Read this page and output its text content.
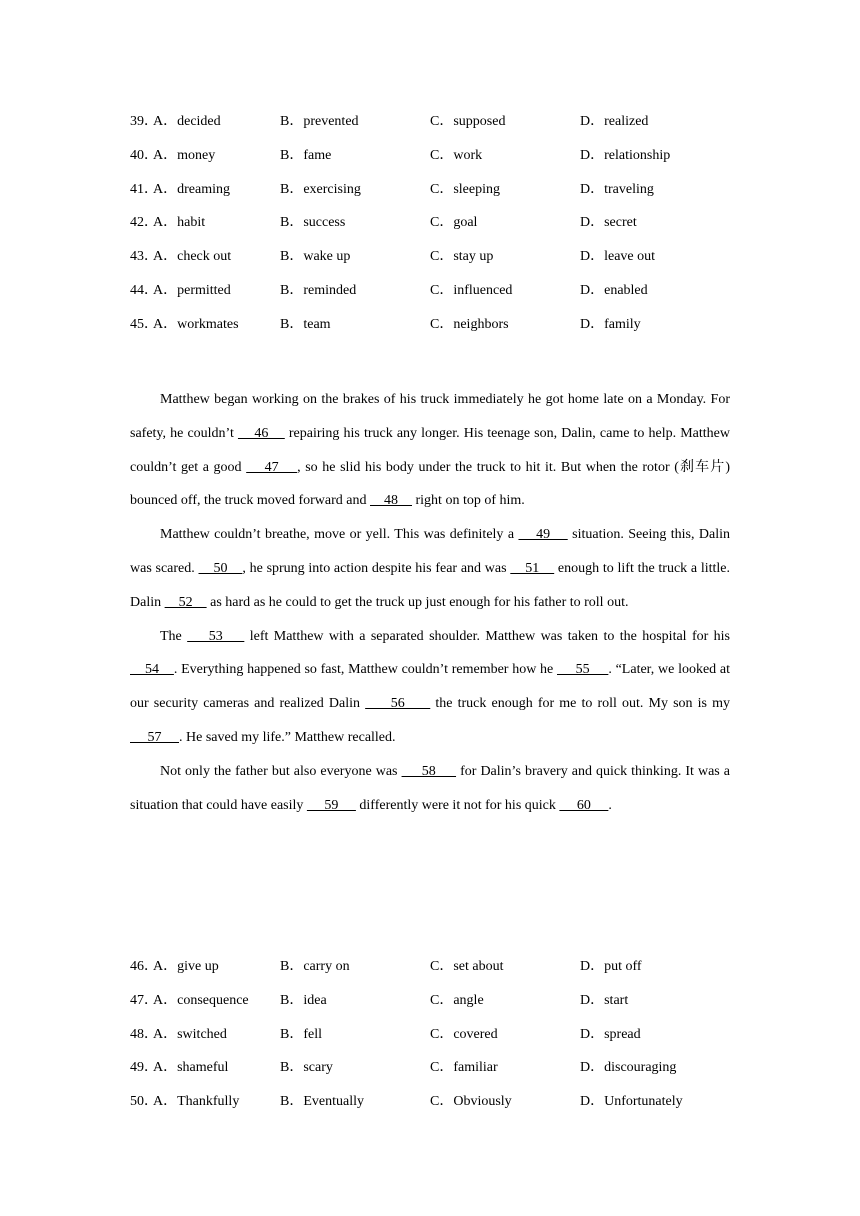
39．
A．decided	B．prevented	C．supposed	D．realized
40．
A．money	B．fame	C．work	D．relationship
41．
A．dreaming	B．exercising	C．sleeping	D．traveling
42．
A．habit	B．success	C．goal	D．secret
43．
A．check out	B．wake up	C．stay up	D．leave out
44．
A．permitted	B．reminded	C．influenced	D．enabled
45．
A．workmates	B．team	C．neighbors	D．family

Matthew began working on the brakes of his truck immediately he got home late on a Monday. For safety, he couldn’t     46     repairing his truck any longer. His teenage son, Dalin, came to help. Matthew couldn’t get a good     47    , so he slid his body under the truck to hit it. But when the rotor (刹车片) bounced off, the truck moved forward and     48     right on top of him.

Matthew couldn’t breathe, move or yell. This was definitely a     49     situation. Seeing this, Dalin was scared.     50    , he sprung into action despite his fear and was     51     enough to lift the truck a little. Dalin     52     as hard as he could to get the truck up just enough for his father to roll out.

The     53     left Matthew with a separated shoulder. Matthew was taken to the hospital for his     54    . Everything happened so fast, Matthew couldn’t remember how he      55     . “Later, we looked at our security cameras and realized Dalin      56      the truck enough for me to roll out. My son is my      57     . He saved my life.” Matthew recalled.

Not only the father but also everyone was      58      for Dalin’s bravery and quick thinking. It was a situation that could have easily      59      differently were it not for his quick      60     .

46．
A．give up	B．carry on	C．set about	D．put off
47．
A．consequence B．idea	C．angle	D．start
48．
A．switched	B．fell	C．covered	D．spread
49．
A．shameful	B．scary	C．familiar	D．discouraging
50．
A．Thankfully	B．Eventually	C．Obviously	D．Unfortunately
